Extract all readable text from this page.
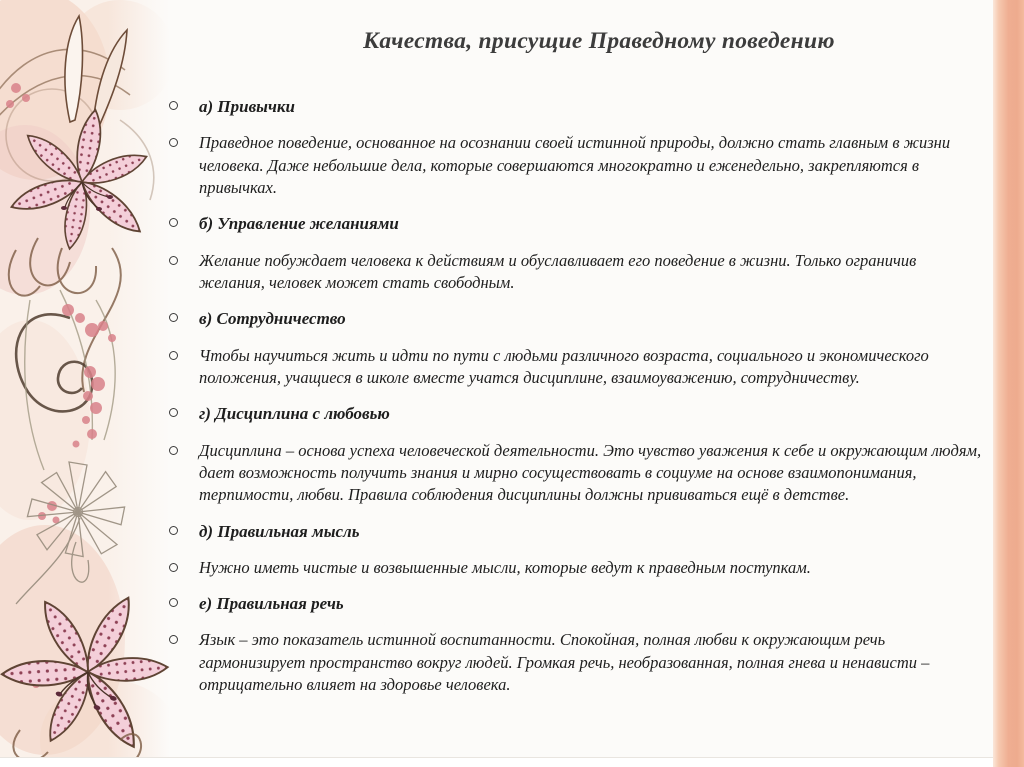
Качества, присущие Праведному поведению
а) Привычки
Праведное поведение, основанное на осознании своей истинной природы, должно стать главным в жизни человека. Даже небольшие дела, которые совершаются многократно и еженедельно, закрепляются в привычках.
б) Управление желаниями
Желание побуждает человека к действиям и обуславливает его поведение в жизни. Только ограничив желания, человек может стать свободным.
в) Сотрудничество
Чтобы научиться жить и идти по пути с людьми различного возраста, социального и экономического положения, учащиеся в школе вместе учатся дисциплине, взаимоуважению, сотрудничеству.
г) Дисциплина с любовью
Дисциплина – основа успеха человеческой деятельности. Это чувство уважения к себе и окружающим людям, дает возможность получить знания и мирно сосуществовать в социуме на основе взаимопонимания, терпимости, любви. Правила соблюдения дисциплины должны прививаться ещё в детстве.
д) Правильная мысль
Нужно иметь чистые и возвышенные мысли, которые ведут к праведным поступкам.
е) Правильная речь
Язык – это показатель истинной воспитанности. Спокойная, полная любви к окружающим речь гармонизирует пространство вокруг людей. Громкая речь, необразованная, полная гнева и ненависти – отрицательно влияет на здоровье человека.
